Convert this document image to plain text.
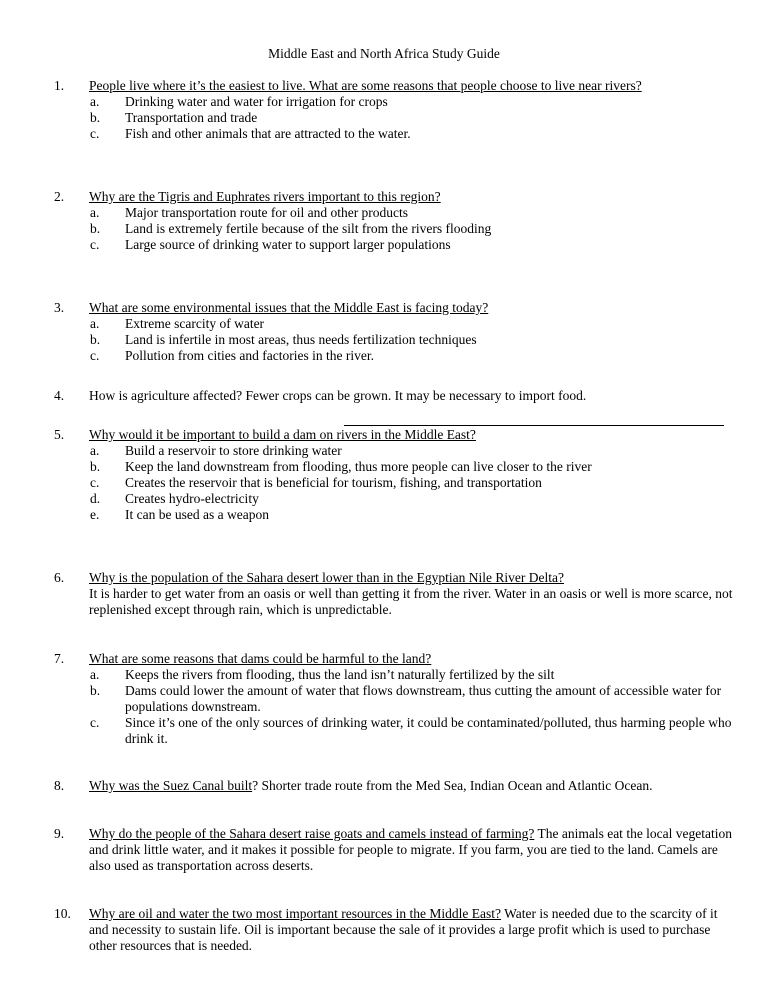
Middle East and North Africa Study Guide
1. People live where it’s the easiest to live. What are some reasons that people choose to live near rivers?
a. Drinking water and water for irrigation for crops
b. Transportation and trade
c. Fish and other animals that are attracted to the water.
2. Why are the Tigris and Euphrates rivers important to this region?
a. Major transportation route for oil and other products
b. Land is extremely fertile because of the silt from the rivers flooding
c. Large source of drinking water to support larger populations
3. What are some environmental issues that the Middle East is facing today?
a. Extreme scarcity of water
b. Land is infertile in most areas, thus needs fertilization techniques
c. Pollution from cities and factories in the river.
4. How is agriculture affected? Fewer crops can be grown. It may be necessary to import food.
5. Why would it be important to build a dam on rivers in the Middle East?
a. Build a reservoir to store drinking water
b. Keep the land downstream from flooding, thus more people can live closer to the river
c. Creates the reservoir that is beneficial for tourism, fishing, and transportation
d. Creates hydro-electricity
e. It can be used as a weapon
6. Why is the population of the Sahara desert lower than in the Egyptian Nile River Delta?
It is harder to get water from an oasis or well than getting it from the river. Water in an oasis or well is more scarce, not replenished except through rain, which is unpredictable.
7. What are some reasons that dams could be harmful to the land?
a. Keeps the rivers from flooding, thus the land isn’t naturally fertilized by the silt
b. Dams could lower the amount of water that flows downstream, thus cutting the amount of accessible water for populations downstream.
c. Since it’s one of the only sources of drinking water, it could be contaminated/polluted, thus harming people who drink it.
8. Why was the Suez Canal built? Shorter trade route from the Med Sea, Indian Ocean and Atlantic Ocean.
9. Why do the people of the Sahara desert raise goats and camels instead of farming? The animals eat the local vegetation and drink little water, and it makes it possible for people to migrate. If you farm, you are tied to the land. Camels are also used as transportation across deserts.
10. Why are oil and water the two most important resources in the Middle East? Water is needed due to the scarcity of it and necessity to sustain life. Oil is important because the sale of it provides a large profit which is used to purchase other resources that is needed.
